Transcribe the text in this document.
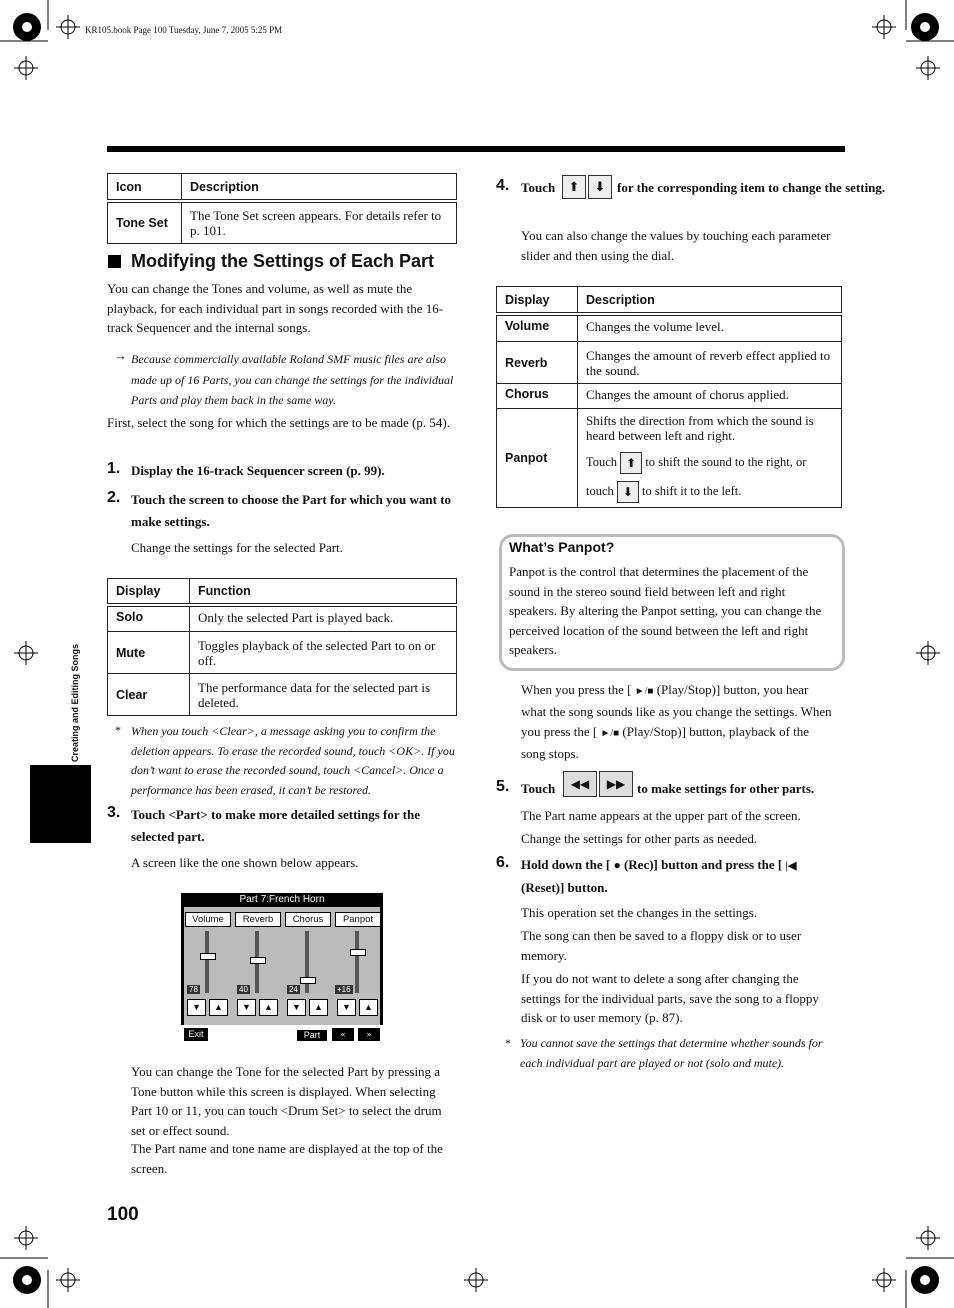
KR105.book Page 100 Tuesday, June 7, 2005 5:25 PM
Creating and Editing Songs
100
Icon	Description
Tone Set	The Tone Set screen appears. For details refer to p. 101.
Modifying the Settings of Each Part
You can change the Tones and volume, as well as mute the playback, for each individual part in songs recorded with the 16-track Sequencer and the internal songs.
→ Because commercially available Roland SMF music files are also made up of 16 Parts, you can change the settings for the individual Parts and play them back in the same way.
First, select the song for which the settings are to be made (p. 54).
1. Display the 16-track Sequencer screen (p. 99).
2. Touch the screen to choose the Part for which you want to make settings.
Change the settings for the selected Part.
Display	Function
Solo	Only the selected Part is played back.
Mute	Toggles playback of the selected Part to on or off.
Clear	The performance data for the selected part is deleted.
* When you touch <Clear>, a message asking you to confirm the deletion appears. To erase the recorded sound, touch <OK>. If you don’t want to erase the recorded sound, touch <Cancel>. Once a performance has been erased, it can’t be restored.
3. Touch <Part> to make more detailed settings for the selected part.
A screen like the one shown below appears.
Part 7:French Horn
Volume	Reverb	Chorus	Panpot
78	40	24	+16
▼	▲	▼	▲	▼	▲	▼	▲
Exit	Part	«	»
You can change the Tone for the selected Part by pressing a Tone button while this screen is displayed. When selecting Part 10 or 11, you can touch <Drum Set> to select the drum set or effect sound.
The Part name and tone name are displayed at the top of the screen.
4. Touch	⬆	⬇ for the corresponding item to change the setting.
You can also change the values by touching each parameter slider and then using the dial.
Display	Description
Volume	Changes the volume level.
Reverb	Changes the amount of reverb effect applied to the sound.
Chorus	Changes the amount of chorus applied.
Panpot	Shifts the direction from which the sound is heard between left and right.
Touch ⬆ to shift the sound to the right, or
touch ⬇ to shift it to the left.
What’s Panpot?
Panpot is the control that determines the placement of the sound in the stereo sound field between left and right speakers. By altering the Panpot setting, you can change the perceived location of the sound between the left and right speakers.
When you press the [ ►/■ (Play/Stop)] button, you hear what the song sounds like as you change the settings. When you press the [ ►/■ (Play/Stop)] button, playback of the song stops.
5. Touch	◀◀	▶▶ to make settings for other parts.
The Part name appears at the upper part of the screen.
Change the settings for other parts as needed.
6. Hold down the [ ● (Rec)] button and press the [ |◀
(Reset)] button.
This operation set the changes in the settings.
The song can then be saved to a floppy disk or to user memory.
If you do not want to delete a song after changing the settings for the individual parts, save the song to a floppy disk or to user memory (p. 87).
* You cannot save the settings that determine whether sounds for each individual part are played or not (solo and mute).
